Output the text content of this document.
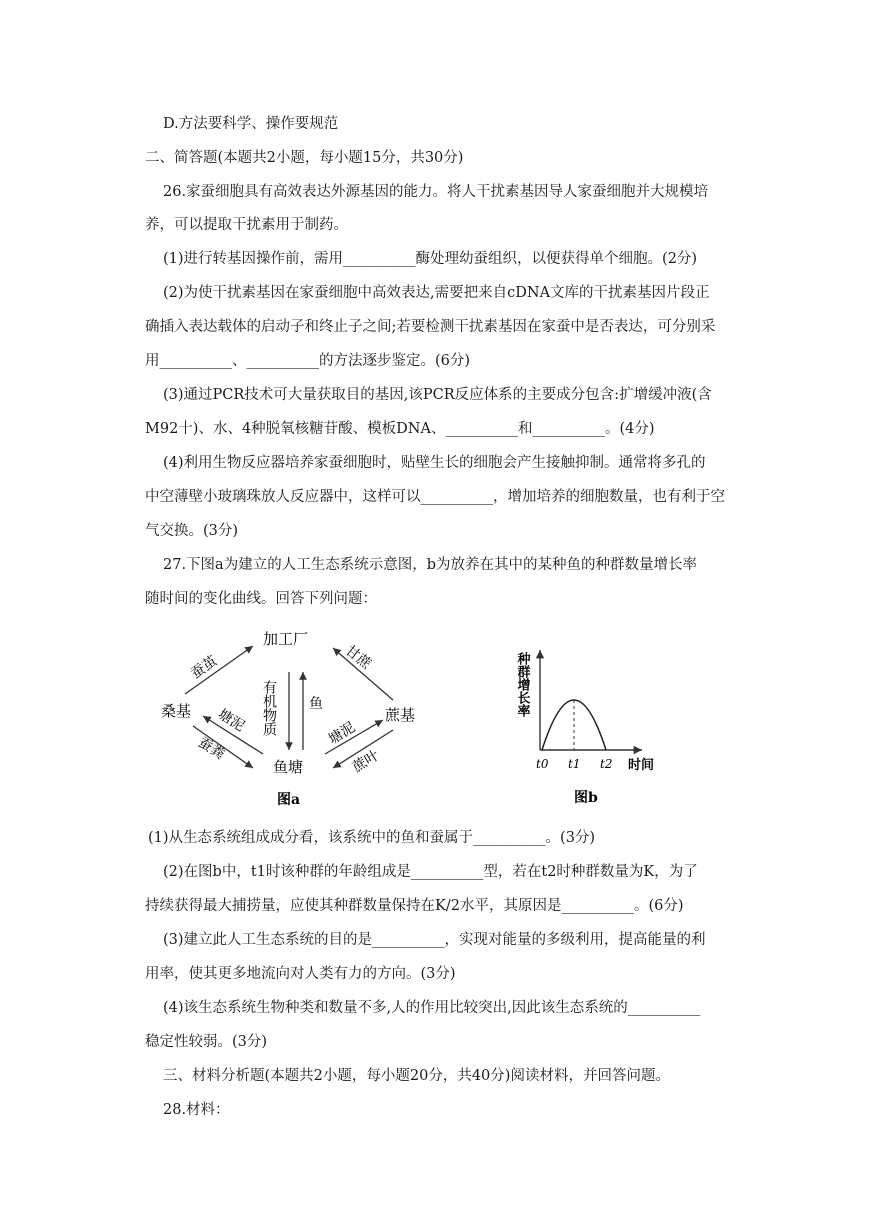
D.方法要科学、操作要规范
二、简答题(本题共2小题，每小题15分，共30分)
26.家蚕细胞具有高效表达外源基因的能力。将人干扰素基因导人家蚕细胞并大规模培
养，可以提取干扰素用于制药。
(1)进行转基因操作前，需用__________酶处理幼蚕组织，以便获得单个细胞。(2分)
(2)为使干扰素基因在家蚕细胞中高效表达,需要把来自cDNA文库的干扰素基因片段正
确插入表达载体的启动子和终止子之间;若要检测干扰素基因在家蚕中是否表达，可分别采
用__________、__________的方法逐步鉴定。(6分)
(3)通过PCR技术可大量获取目的基因,该PCR反应体系的主要成分包含:扩增缓冲液(含
M92十)、水、4种脱氧核糖苷酸、模板DNA、__________和__________。(4分)
(4)利用生物反应器培养家蚕细胞时，贴壁生长的细胞会产生接触抑制。通常将多孔的
中空薄壁小玻璃珠放人反应器中，这样可以__________，增加培养的细胞数量，也有利于空
气交换。(3分)
27.下图a为建立的人工生态系统示意图，b为放养在其中的某种鱼的种群数量增长率
随时间的变化曲线。回答下列问题：
加工厂
桑基	蔗基
鱼塘
有机物质 鱼
蚕茧	甘蔗
塘泥
蚕粪
塘泥
蔗叶
图a
种群增长率
t0 t1 t2 时间
图b
(1)从生态系统组成成分看，该系统中的鱼和蚕属于__________。(3分)
(2)在图b中，t1时该种群的年龄组成是__________型，若在t2时种群数量为K，为了
持续获得最大捕捞量，应使其种群数量保持在K/2水平，其原因是__________。(6分)
(3)建立此人工生态系统的目的是__________，实现对能量的多级利用，提高能量的利
用率，使其更多地流向对人类有力的方向。(3分)
(4)该生态系统生物种类和数量不多,人的作用比较突出,因此该生态系统的__________
稳定性较弱。(3分)
三、材料分析题(本题共2小题，每小题20分，共40分)阅读材料，并回答问题。
28.材料：
